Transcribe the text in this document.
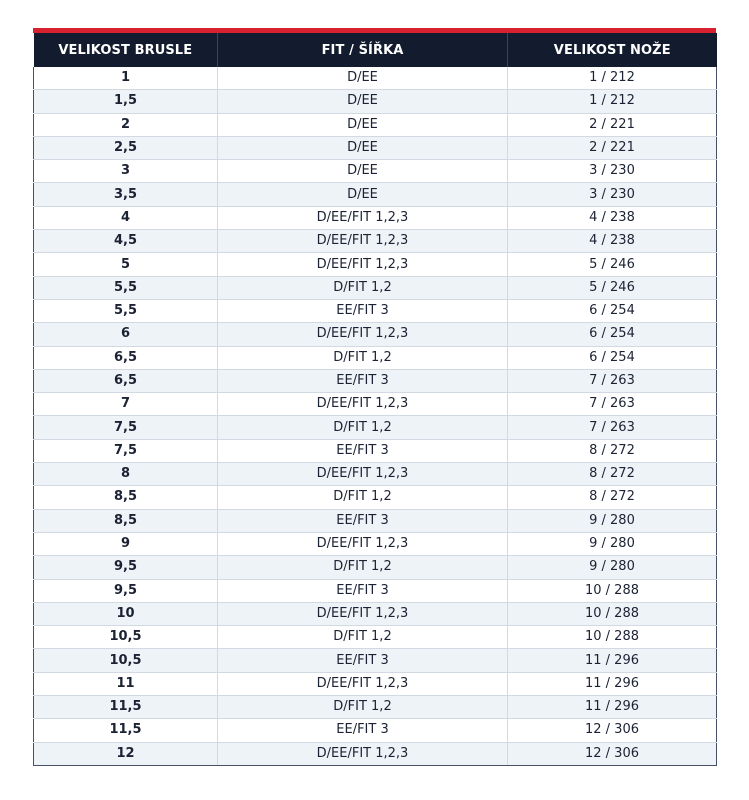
VELIKOST BRUSLE	FIT / ŠÍŘKA	VELIKOST NOŽE
1	D/EE	1 / 212
1,5	D/EE	1 / 212
2	D/EE	2 / 221
2,5	D/EE	2 / 221
3	D/EE	3 / 230
3,5	D/EE	3 / 230
4	D/EE/FIT 1,2,3	4 / 238
4,5	D/EE/FIT 1,2,3	4 / 238
5	D/EE/FIT 1,2,3	5 / 246
5,5	D/FIT 1,2	5 / 246
5,5	EE/FIT 3	6 / 254
6	D/EE/FIT 1,2,3	6 / 254
6,5	D/FIT 1,2	6 / 254
6,5	EE/FIT 3	7 / 263
7	D/EE/FIT 1,2,3	7 / 263
7,5	D/FIT 1,2	7 / 263
7,5	EE/FIT 3	8 / 272
8	D/EE/FIT 1,2,3	8 / 272
8,5	D/FIT 1,2	8 / 272
8,5	EE/FIT 3	9 / 280
9	D/EE/FIT 1,2,3	9 / 280
9,5	D/FIT 1,2	9 / 280
9,5	EE/FIT 3	10 / 288
10	D/EE/FIT 1,2,3	10 / 288
10,5	D/FIT 1,2	10 / 288
10,5	EE/FIT 3	11 / 296
11	D/EE/FIT 1,2,3	11 / 296
11,5	D/FIT 1,2	11 / 296
11,5	EE/FIT 3	12 / 306
12	D/EE/FIT 1,2,3	12 / 306
